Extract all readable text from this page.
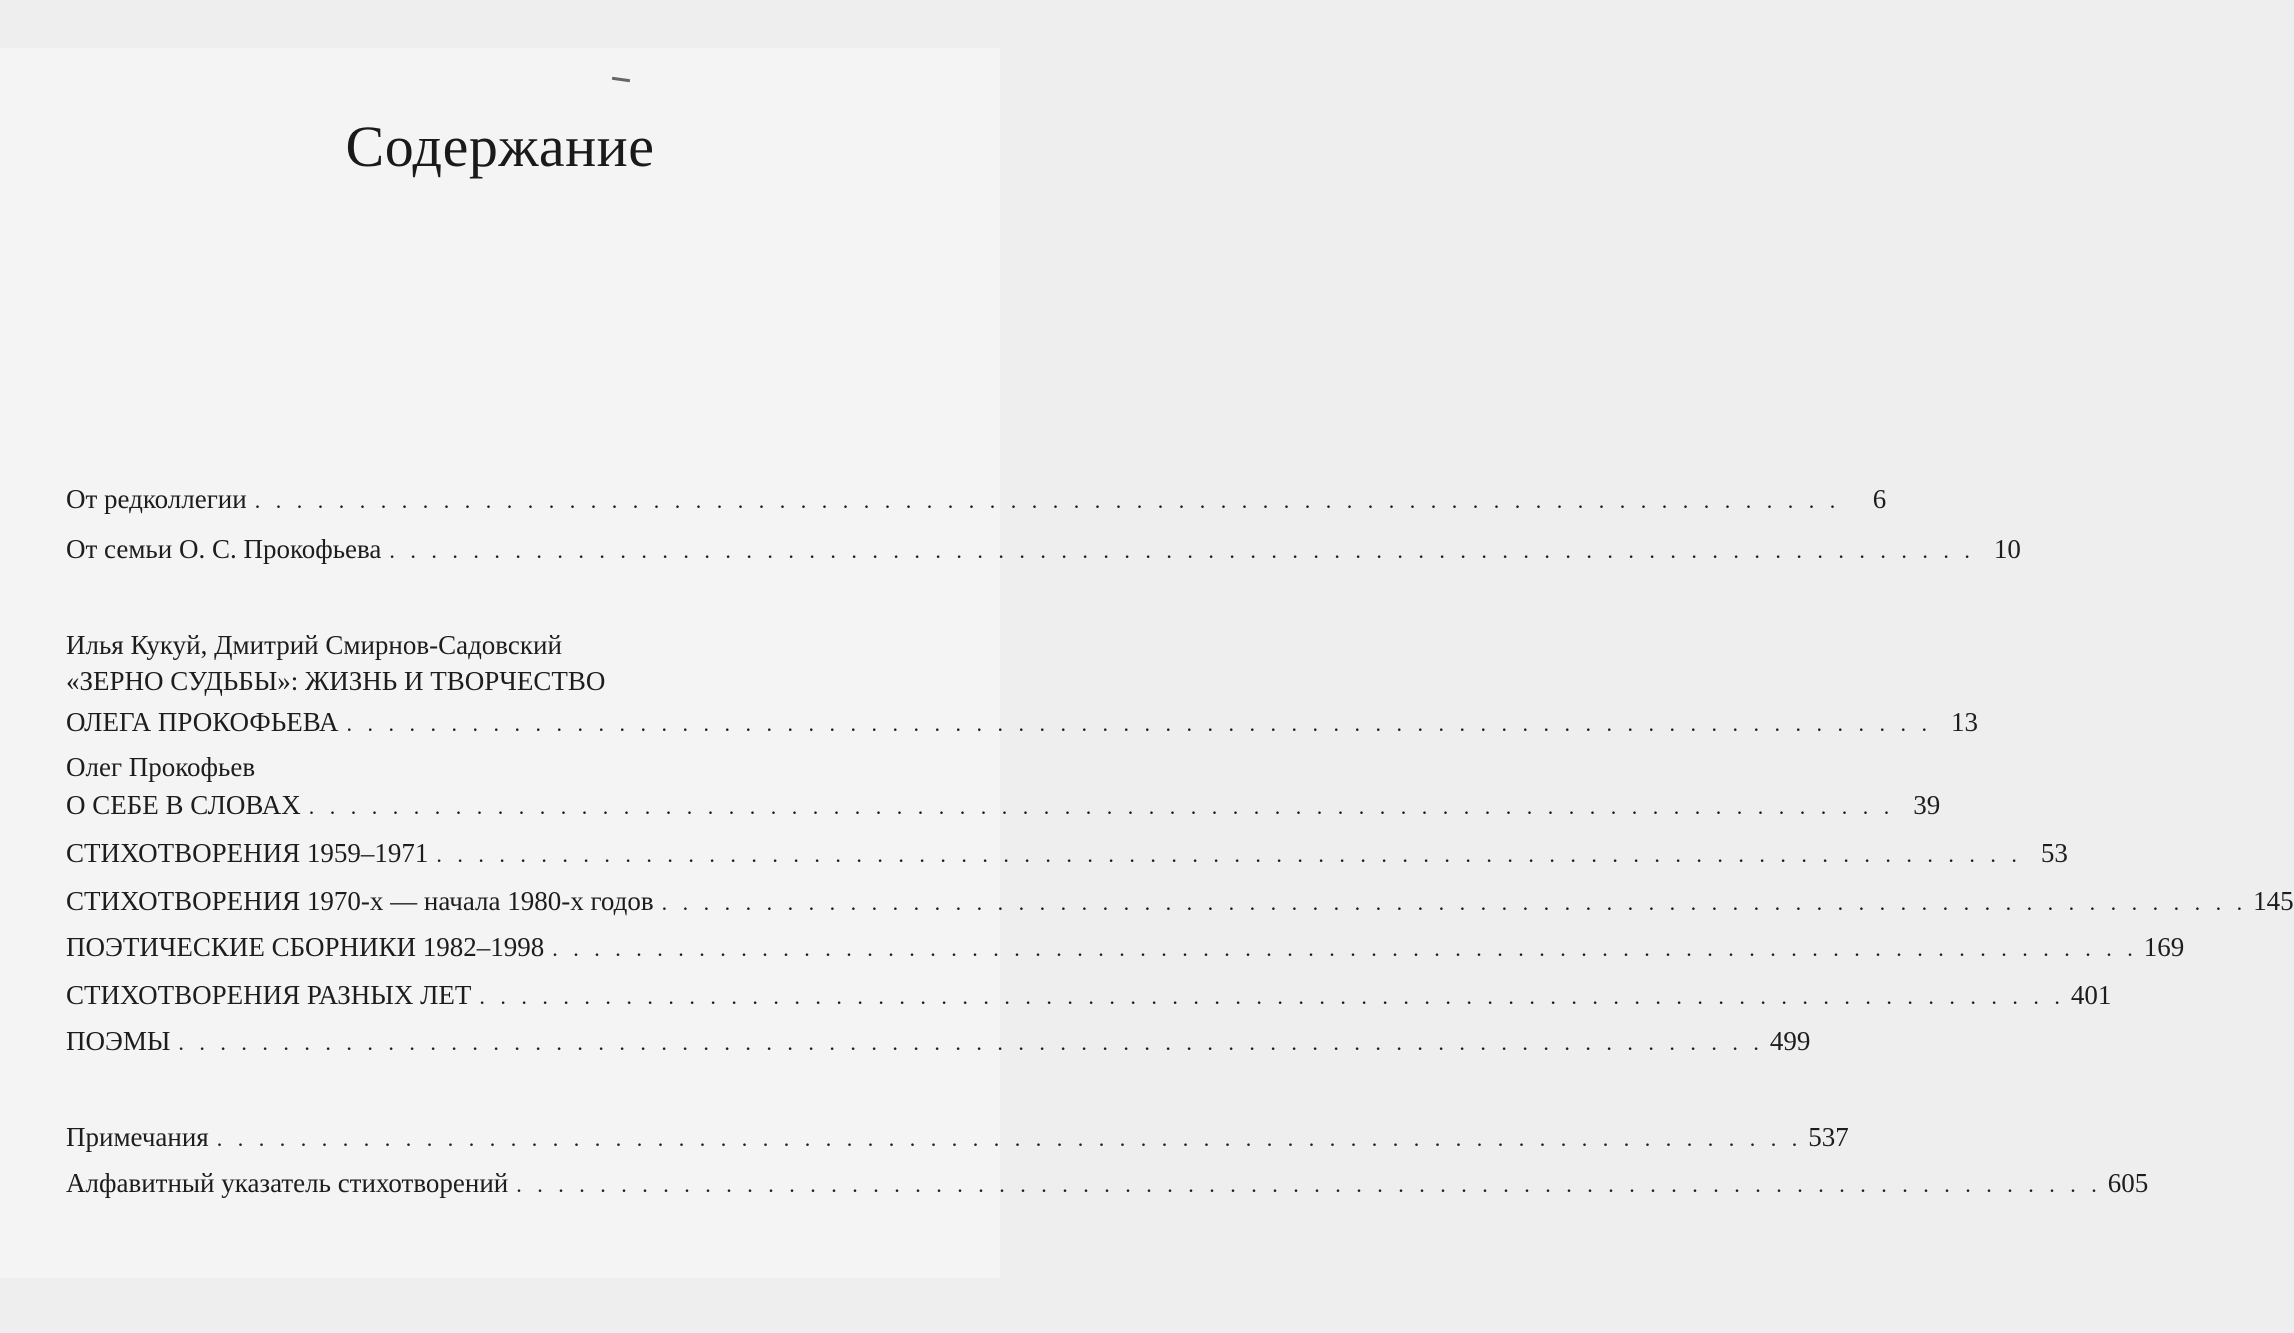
Содержание
От редколлегии . . . . . . . . . . . . . . . . . . . . . . . . . . . . . . . . . . . . . . . . . . . . . . . . . . . . . . . . . . . . . . . . . . . . . . . . . . . .	6
От семьи О. С. Прокофьева . . . . . . . . . . . . . . . . . . . . . . . . . . . . . . . . . . . . . . . . . . . . . . . . . . . . . . . . . . . . . . . . . . . . . . . . . . . . 10
Илья Кукуй, Дмитрий Смирнов-Садовский
«ЗЕРНО СУДЬБЫ»: ЖИЗНЬ И ТВОРЧЕСТВО
ОЛЕГА ПРОКОФЬЕВА . . . . . . . . . . . . . . . . . . . . . . . . . . . . . . . . . . . . . . . . . . . . . . . . . . . . . . . . . . . . . . . . . . . . . . . . . . . . 13
Олег Прокофьев
О СЕБЕ В СЛОВАХ . . . . . . . . . . . . . . . . . . . . . . . . . . . . . . . . . . . . . . . . . . . . . . . . . . . . . . . . . . . . . . . . . . . . . . . . . . . . 39
СТИХОТВОРЕНИЯ 1959–1971 . . . . . . . . . . . . . . . . . . . . . . . . . . . . . . . . . . . . . . . . . . . . . . . . . . . . . . . . . . . . . . . . . . . . . . . . . . . . 53
СТИХОТВОРЕНИЯ 1970-х — начала 1980-х годов . . . . . . . . . . . . . . . . . . . . . . . . . . . . . . . . . . . . . . . . . . . . . . . . . . . . . . . . . . . . . . . . . . . . . . . . . . . . 145
ПОЭТИЧЕСКИЕ СБОРНИКИ 1982–1998 . . . . . . . . . . . . . . . . . . . . . . . . . . . . . . . . . . . . . . . . . . . . . . . . . . . . . . . . . . . . . . . . . . . . . . . . . . . . 169
СТИХОТВОРЕНИЯ РАЗНЫХ ЛЕТ . . . . . . . . . . . . . . . . . . . . . . . . . . . . . . . . . . . . . . . . . . . . . . . . . . . . . . . . . . . . . . . . . . . . . . . . . . . . 401
ПОЭМЫ . . . . . . . . . . . . . . . . . . . . . . . . . . . . . . . . . . . . . . . . . . . . . . . . . . . . . . . . . . . . . . . . . . . . . . . . . . . . 499
Примечания . . . . . . . . . . . . . . . . . . . . . . . . . . . . . . . . . . . . . . . . . . . . . . . . . . . . . . . . . . . . . . . . . . . . . . . . . . . . 537
Алфавитный указатель стихотворений . . . . . . . . . . . . . . . . . . . . . . . . . . . . . . . . . . . . . . . . . . . . . . . . . . . . . . . . . . . . . . . . . . . . . . . . . . . . 605
